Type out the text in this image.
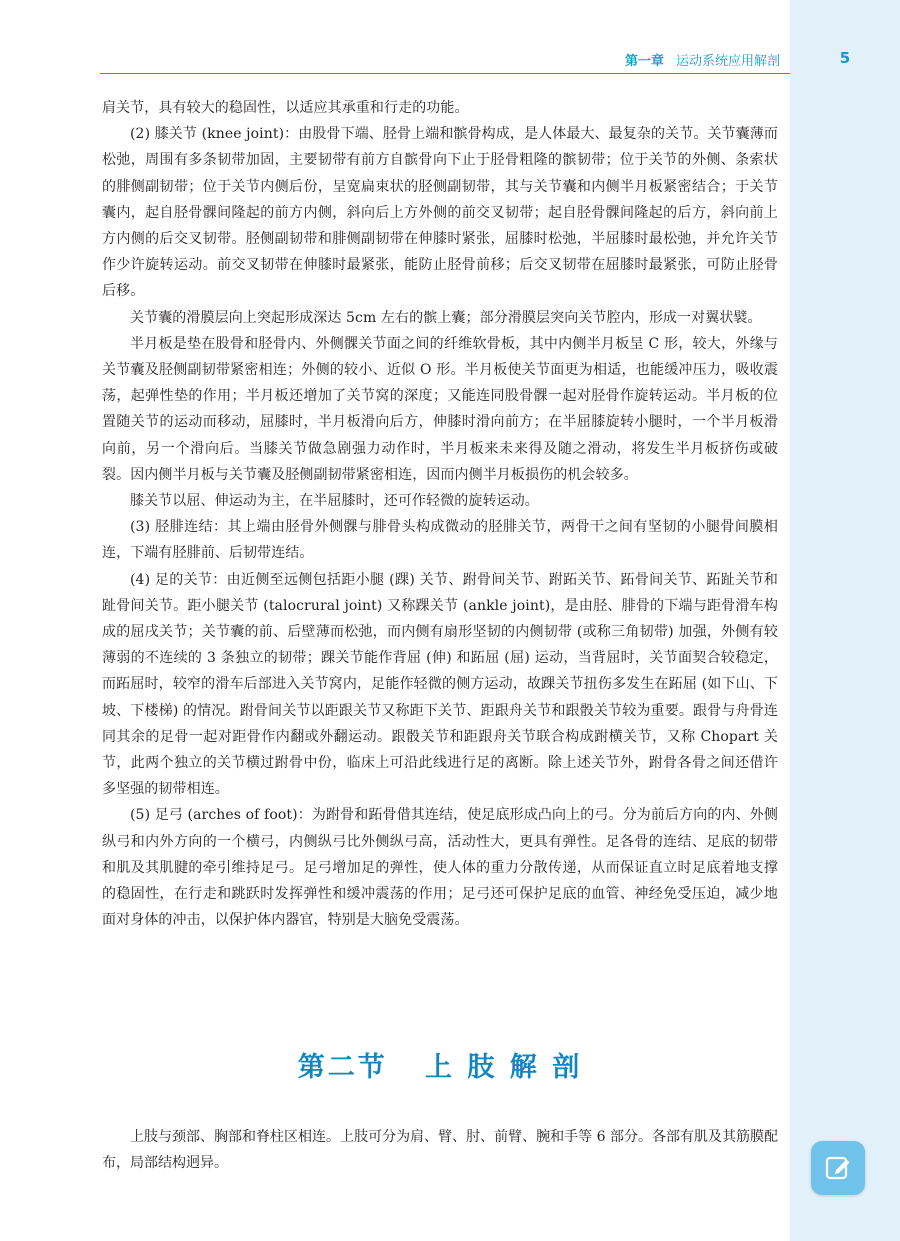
第一章 运动系统应用解剖	5

肩关节，具有较大的稳固性，以适应其承重和行走的功能。

(2) 膝关节 (knee joint)：由股骨下端、胫骨上端和髌骨构成，是人体最大、最复杂的关节。关节囊薄而松弛，周围有多条韧带加固，主要韧带有前方自髌骨向下止于胫骨粗隆的髌韧带；位于关节的外侧、条索状的腓侧副韧带；位于关节内侧后份，呈宽扁束状的胫侧副韧带，其与关节囊和内侧半月板紧密结合；于关节囊内，起自胫骨髁间隆起的前方内侧，斜向后上方外侧的前交叉韧带；起自胫骨髁间隆起的后方，斜向前上方内侧的后交叉韧带。胫侧副韧带和腓侧副韧带在伸膝时紧张，屈膝时松弛，半屈膝时最松弛，并允许关节作少许旋转运动。前交叉韧带在伸膝时最紧张，能防止胫骨前移；后交叉韧带在屈膝时最紧张，可防止胫骨后移。

关节囊的滑膜层向上突起形成深达 5cm 左右的髌上囊；部分滑膜层突向关节腔内，形成一对翼状襞。

半月板是垫在股骨和胫骨内、外侧髁关节面之间的纤维软骨板，其中内侧半月板呈 C 形，较大，外缘与关节囊及胫侧副韧带紧密相连；外侧的较小、近似 O 形。半月板使关节面更为相适，也能缓冲压力，吸收震荡，起弹性垫的作用；半月板还增加了关节窝的深度；又能连同股骨髁一起对胫骨作旋转运动。半月板的位置随关节的运动而移动，屈膝时，半月板滑向后方，伸膝时滑向前方；在半屈膝旋转小腿时，一个半月板滑向前，另一个滑向后。当膝关节做急剧强力动作时，半月板来未来得及随之滑动，将发生半月板挤伤或破裂。因内侧半月板与关节囊及胫侧副韧带紧密相连，因而内侧半月板损伤的机会较多。

膝关节以屈、伸运动为主，在半屈膝时，还可作轻微的旋转运动。

(3) 胫腓连结：其上端由胫骨外侧髁与腓骨头构成微动的胫腓关节，两骨干之间有坚韧的小腿骨间膜相连，下端有胫腓前、后韧带连结。

(4) 足的关节：由近侧至远侧包括距小腿 (踝) 关节、跗骨间关节、跗跖关节、跖骨间关节、跖趾关节和趾骨间关节。距小腿关节 (talocrural joint) 又称踝关节 (ankle joint)，是由胫、腓骨的下端与距骨滑车构成的屈戌关节；关节囊的前、后壁薄而松弛，而内侧有扇形坚韧的内侧韧带 (或称三角韧带) 加强，外侧有较薄弱的不连续的 3 条独立的韧带；踝关节能作背屈 (伸) 和跖屈 (屈) 运动，当背屈时，关节面契合较稳定，而跖屈时，较窄的滑车后部进入关节窝内，足能作轻微的侧方运动，故踝关节扭伤多发生在跖屈 (如下山、下坡、下楼梯) 的情况。跗骨间关节以距跟关节又称距下关节、距跟舟关节和跟骰关节较为重要。跟骨与舟骨连同其余的足骨一起对距骨作内翻或外翻运动。跟骰关节和距跟舟关节联合构成跗横关节，又称 Chopart 关节，此两个独立的关节横过跗骨中份，临床上可沿此线进行足的离断。除上述关节外，跗骨各骨之间还借许多坚强的韧带相连。

(5) 足弓 (arches of foot)：为跗骨和跖骨借其连结，使足底形成凸向上的弓。分为前后方向的内、外侧纵弓和内外方向的一个横弓，内侧纵弓比外侧纵弓高，活动性大，更具有弹性。足各骨的连结、足底的韧带和肌及其肌腱的牵引维持足弓。足弓增加足的弹性，使人体的重力分散传递，从而保证直立时足底着地支撑的稳固性，在行走和跳跃时发挥弹性和缓冲震荡的作用；足弓还可保护足底的血管、神经免受压迫，减少地面对身体的冲击，以保护体内器官，特别是大脑免受震荡。

第二节 上 肢 解 剖

上肢与颈部、胸部和脊柱区相连。上肢可分为肩、臂、肘、前臂、腕和手等 6 部分。各部有肌及其筋膜配布，局部结构迥异。
